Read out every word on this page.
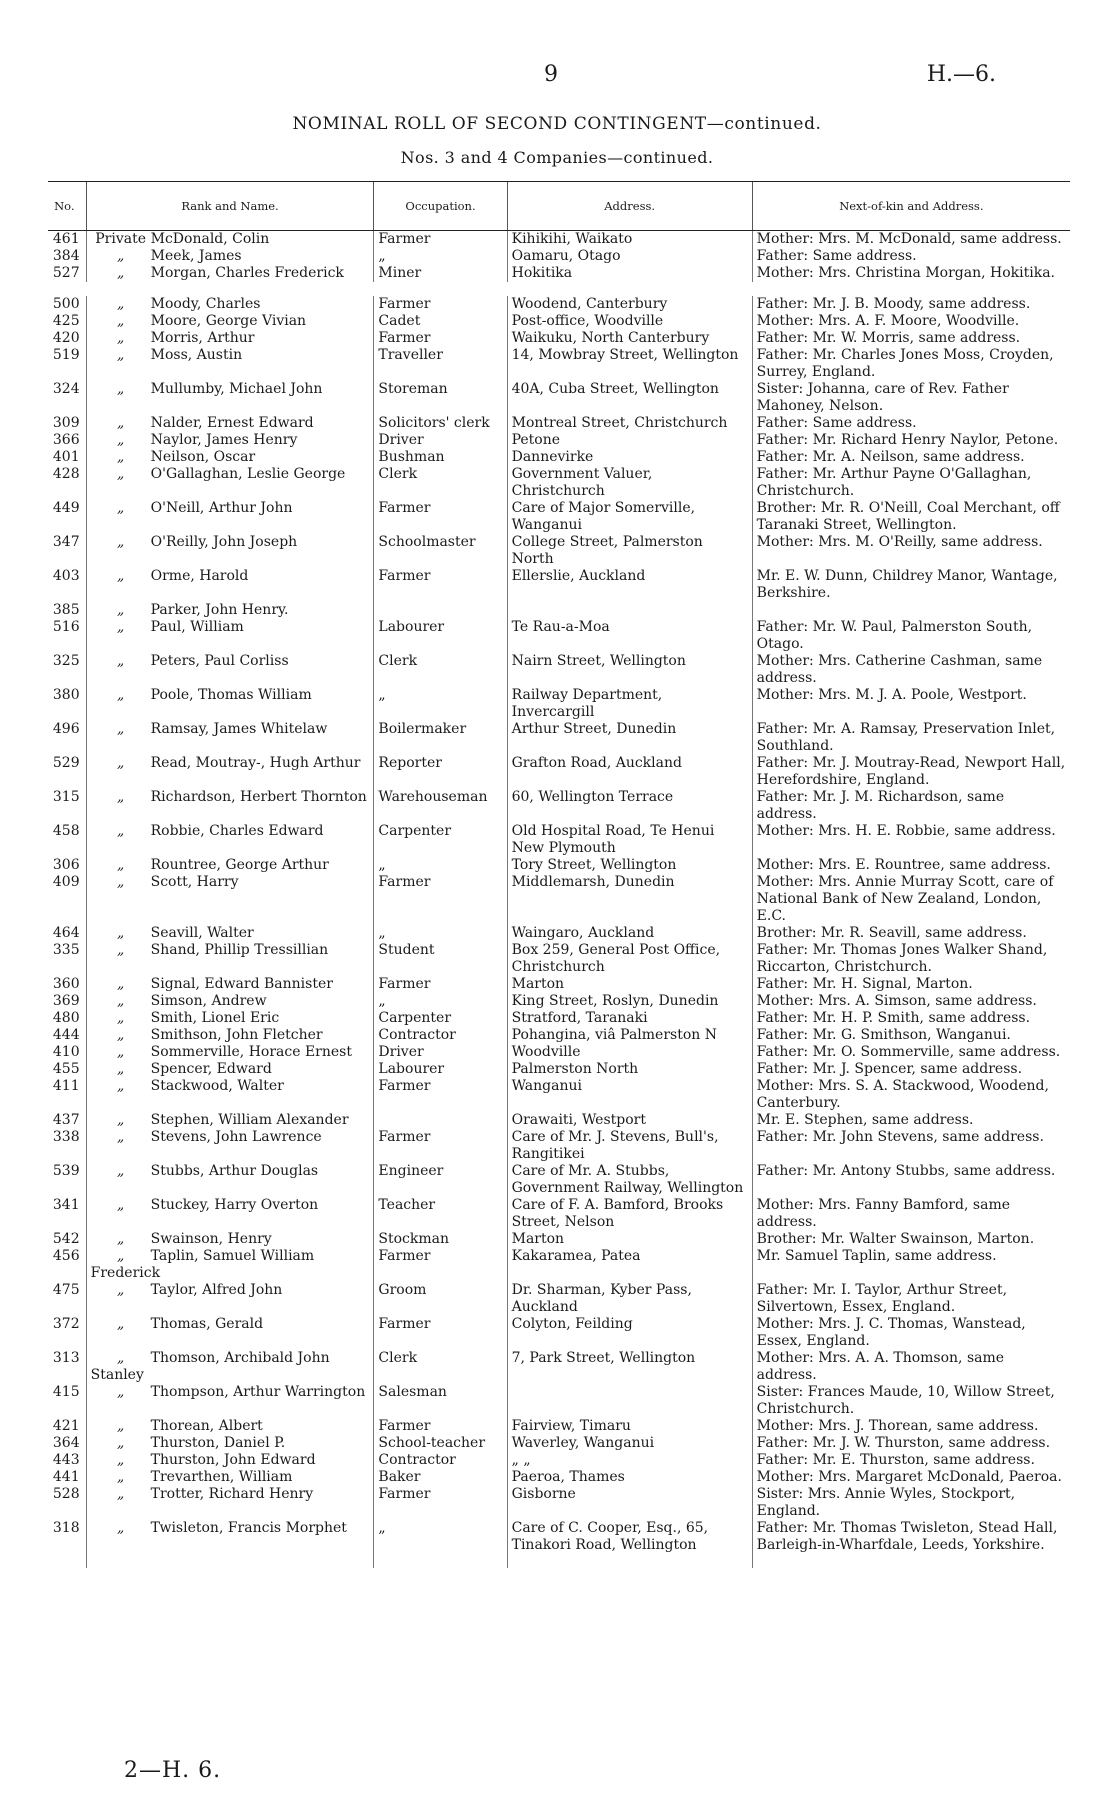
9	H.—6.
NOMINAL ROLL OF SECOND CONTINGENT—continued.
Nos. 3 and 4 Companies—continued.
No.	Rank and Name.	Occupation.	Address.	Next-of-kin and Address.
461	Private McDonald, Colin	Farmer	Kihikihi, Waikato	Mother: Mrs. M. McDonald, same address.
384	„ Meek, James	„	Oamaru, Otago	Father: Same address.
527	„ Morgan, Charles Frederick	Miner	Hokitika	Mother: Mrs. Christina Morgan, Hokitika.

500	„ Moody, Charles	Farmer	Woodend, Canterbury	Father: Mr. J. B. Moody, same address.
425	„ Moore, George Vivian	Cadet	Post-office, Woodville	Mother: Mrs. A. F. Moore, Woodville.
420	„ Morris, Arthur	Farmer	Waikuku, North Canterbury	Father: Mr. W. Morris, same address.
519	„ Moss, Austin	Traveller	14, Mowbray Street, Wellington	Father: Mr. Charles Jones Moss, Croyden, Surrey, England.
324	„ Mullumby, Michael John	Storeman	40A, Cuba Street, Wellington	Sister: Johanna, care of Rev. Father Mahoney, Nelson.
309	„ Nalder, Ernest Edward	Solicitors' clerk	Montreal Street, Christchurch	Father: Same address.
366	„ Naylor, James Henry	Driver	Petone	Father: Mr. Richard Henry Naylor, Petone.
401	„ Neilson, Oscar	Bushman	Dannevirke	Father: Mr. A. Neilson, same address.
428	„ O'Gallaghan, Leslie George	Clerk	Government Valuer, Christchurch	Father: Mr. Arthur Payne O'Gallaghan, Christchurch.
449	„ O'Neill, Arthur John	Farmer	Care of Major Somerville, Wanganui	Brother: Mr. R. O'Neill, Coal Merchant, off Taranaki Street, Wellington.
347	„ O'Reilly, John Joseph	Schoolmaster	College Street, Palmerston North	Mother: Mrs. M. O'Reilly, same address.
403	„ Orme, Harold	Farmer	Ellerslie, Auckland	Mr. E. W. Dunn, Childrey Manor, Wantage, Berkshire.
385	„ Parker, John Henry.			
516	„ Paul, William	Labourer	Te Rau-a-Moa	Father: Mr. W. Paul, Palmerston South, Otago.
325	„ Peters, Paul Corliss	Clerk	Nairn Street, Wellington	Mother: Mrs. Catherine Cashman, same address.
380	„ Poole, Thomas William	„	Railway Department, Invercargill	Mother: Mrs. M. J. A. Poole, Westport.
496	„ Ramsay, James Whitelaw	Boilermaker	Arthur Street, Dunedin	Father: Mr. A. Ramsay, Preservation Inlet, Southland.
529	„ Read, Moutray-, Hugh Arthur	Reporter	Grafton Road, Auckland	Father: Mr. J. Moutray-Read, Newport Hall, Herefordshire, England.
315	„ Richardson, Herbert Thornton	Warehouseman	60, Wellington Terrace	Father: Mr. J. M. Richardson, same address.
458	„ Robbie, Charles Edward	Carpenter	Old Hospital Road, Te Henui New Plymouth	Mother: Mrs. H. E. Robbie, same address.
306	„ Rountree, George Arthur	„	Tory Street, Wellington	Mother: Mrs. E. Rountree, same address.
409	„ Scott, Harry	Farmer	Middlemarsh, Dunedin	Mother: Mrs. Annie Murray Scott, care of National Bank of New Zealand, London, E.C.
464	„ Seavill, Walter	„	Waingaro, Auckland	Brother: Mr. R. Seavill, same address.
335	„ Shand, Phillip Tressillian	Student	Box 259, General Post Office, Christchurch	Father: Mr. Thomas Jones Walker Shand, Riccarton, Christchurch.
360	„ Signal, Edward Bannister	Farmer	Marton	Father: Mr. H. Signal, Marton.
369	„ Simson, Andrew	„	King Street, Roslyn, Dunedin	Mother: Mrs. A. Simson, same address.
480	„ Smith, Lionel Eric	Carpenter	Stratford, Taranaki	Father: Mr. H. P. Smith, same address.
444	„ Smithson, John Fletcher	Contractor	Pohangina, viâ Palmerston N	Father: Mr. G. Smithson, Wanganui.
410	„ Sommerville, Horace Ernest	Driver	Woodville	Father: Mr. O. Sommerville, same address.
455	„ Spencer, Edward	Labourer	Palmerston North	Father: Mr. J. Spencer, same address.
411	„ Stackwood, Walter	Farmer	Wanganui	Mother: Mrs. S. A. Stackwood, Woodend, Canterbury.
437	„ Stephen, William Alexander		Orawaiti, Westport	Mr. E. Stephen, same address.
338	„ Stevens, John Lawrence	Farmer	Care of Mr. J. Stevens, Bull's, Rangitikei	Father: Mr. John Stevens, same address.
539	„ Stubbs, Arthur Douglas	Engineer	Care of Mr. A. Stubbs, Government Railway, Wellington	Father: Mr. Antony Stubbs, same address.
341	„ Stuckey, Harry Overton	Teacher	Care of F. A. Bamford, Brooks Street, Nelson	Mother: Mrs. Fanny Bamford, same address.
542	„ Swainson, Henry	Stockman	Marton	Brother: Mr. Walter Swainson, Marton.
456	„ Taplin, Samuel William Frederick	Farmer	Kakaramea, Patea	Mr. Samuel Taplin, same address.
475	„ Taylor, Alfred John	Groom	Dr. Sharman, Kyber Pass, Auckland	Father: Mr. I. Taylor, Arthur Street, Silvertown, Essex, England.
372	„ Thomas, Gerald	Farmer	Colyton, Feilding	Mother: Mrs. J. C. Thomas, Wanstead, Essex, England.
313	„ Thomson, Archibald John Stanley	Clerk	7, Park Street, Wellington	Mother: Mrs. A. A. Thomson, same address.
415	„ Thompson, Arthur Warrington	Salesman		Sister: Frances Maude, 10, Willow Street, Christchurch.
421	„ Thorean, Albert	Farmer	Fairview, Timaru	Mother: Mrs. J. Thorean, same address.
364	„ Thurston, Daniel P.	School-teacher	Waverley, Wanganui	Father: Mr. J. W. Thurston, same address.
443	„ Thurston, John Edward	Contractor	„ „	Father: Mr. E. Thurston, same address.
441	„ Trevarthen, William	Baker	Paeroa, Thames	Mother: Mrs. Margaret McDonald, Paeroa.
528	„ Trotter, Richard Henry	Farmer	Gisborne	Sister: Mrs. Annie Wyles, Stockport, England.
318	„ Twisleton, Francis Morphet	„	Care of C. Cooper, Esq., 65, Tinakori Road, Wellington	Father: Mr. Thomas Twisleton, Stead Hall, Barleigh-in-Wharfdale, Leeds, Yorkshire.
2—H. 6.
